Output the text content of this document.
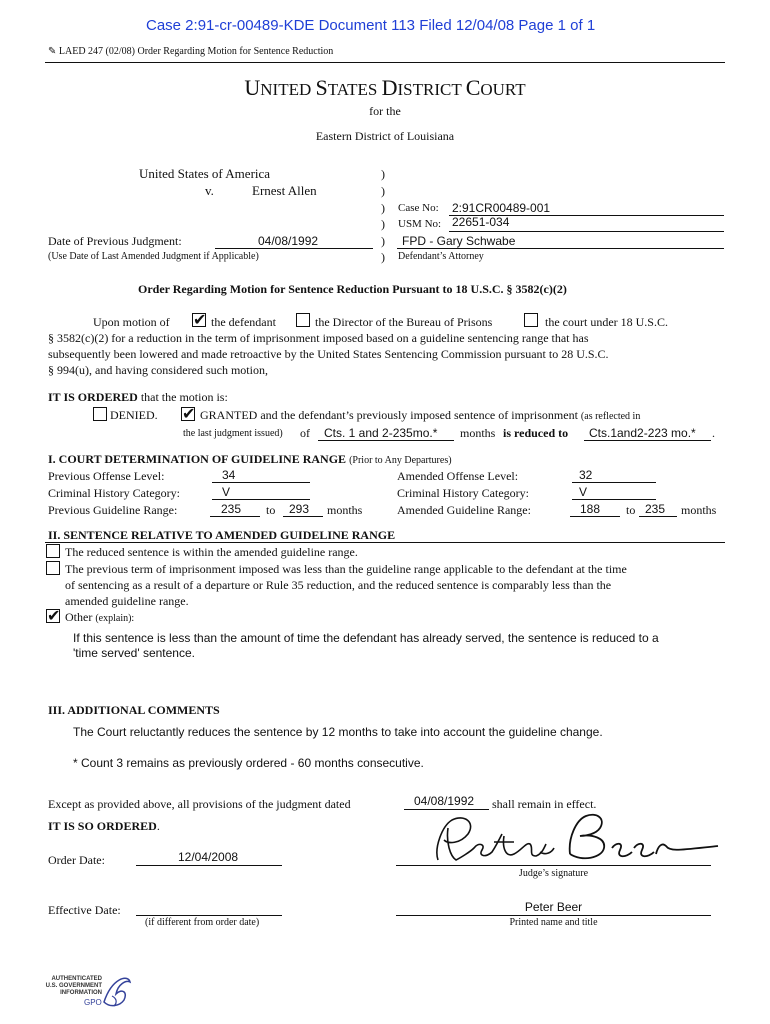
Case 2:91-cr-00489-KDE Document 113 Filed 12/04/08 Page 1 of 1
✎ LAED 247 (02/08) Order Regarding Motion for Sentence Reduction
UNITED STATES DISTRICT COURT
for the
Eastern District of Louisiana
United States of America
v.	Ernest Allen
)
)
)
)
)
)
Case No: 2:91CR00489-001
USM No: 22651-034
Date of Previous Judgment:	04/08/1992
(Use Date of Last Amended Judgment if Applicable)
FPD - Gary Schwabe
Defendant’s Attorney
Order Regarding Motion for Sentence Reduction Pursuant to 18 U.S.C. § 3582(c)(2)
Upon motion of ✔	the defendant	the Director of the Bureau of Prisons	the court under 18 U.S.C.
§ 3582(c)(2) for a reduction in the term of imprisonment imposed based on a guideline sentencing range that has
subsequently been lowered and made retroactive by the United States Sentencing Commission pursuant to 28 U.S.C.
§ 994(u), and having considered such motion,
IT IS ORDERED that the motion is:
DENIED. ✔	GRANTED and the defendant’s previously imposed sentence of imprisonment (as reflected in
the last judgment issued) of Cts. 1 and 2-235mo.* months is reduced to Cts.1and2-223 mo.* .
I. COURT DETERMINATION OF GUIDELINE RANGE (Prior to Any Departures)
Previous Offense Level:	34	Amended Offense Level:	32
Criminal History Category:	V	Criminal History Category:	V
Previous Guideline Range:	235 to 293 months	Amended Guideline Range:	188 to 235 months
II. SENTENCE RELATIVE TO AMENDED GUIDELINE RANGE
The reduced sentence is within the amended guideline range.
The previous term of imprisonment imposed was less than the guideline range applicable to the defendant at the time
of sentencing as a result of a departure or Rule 35 reduction, and the reduced sentence is comparably less than the
amended guideline range.
✔
Other (explain):
If this sentence is less than the amount of time the defendant has already served, the sentence is reduced to a
'time served' sentence.
III. ADDITIONAL COMMENTS
The Court reluctantly reduces the sentence by 12 months to take into account the guideline change.
* Count 3 remains as previously ordered - 60 months consecutive.
Except as provided above, all provisions of the judgment dated	04/08/1992 shall remain in effect.
IT IS SO ORDERED.
Order Date:	12/04/2008
Judge’s signature
Effective Date:
(if different from order date)
Peter Beer
Printed name and title
AUTHENTICATED
U.S. GOVERNMENT
INFORMATION
GPO
